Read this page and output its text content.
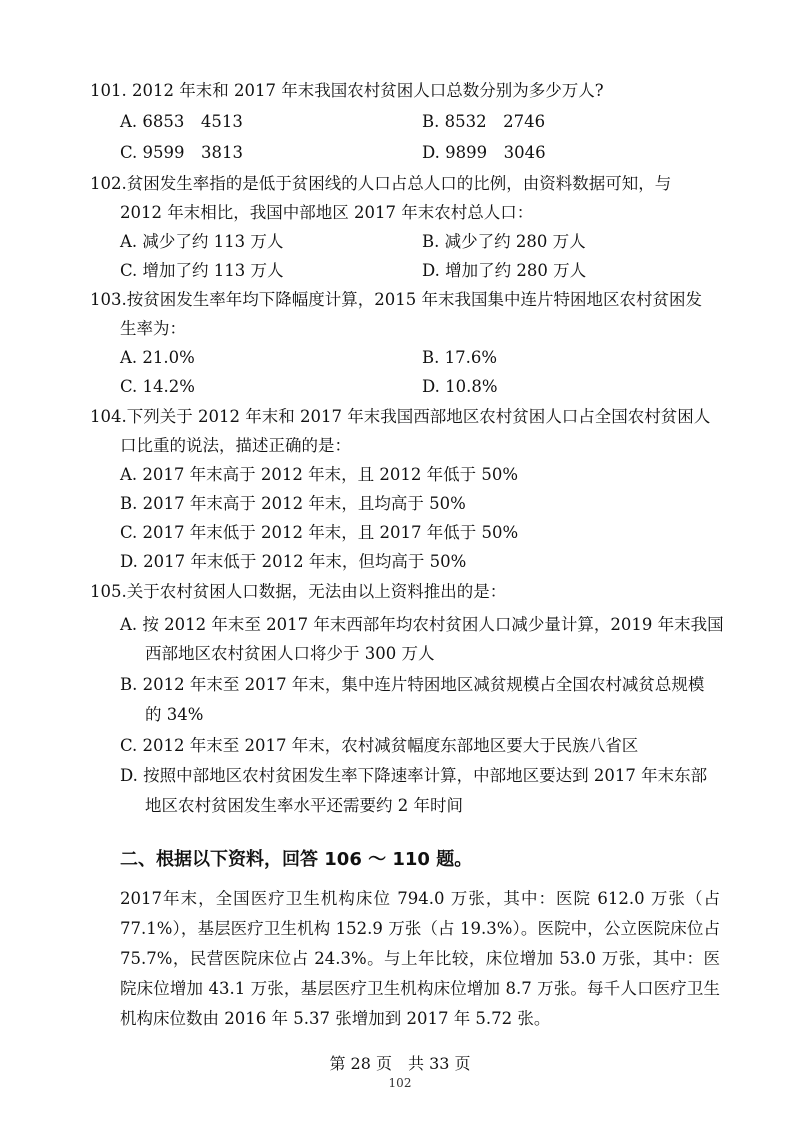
101. 2012 年末和 2017 年末我国农村贫困人口总数分别为多少万人?
A. 6853　4513	B. 8532　2746
C. 9599　3813	D. 9899　3046
102.贫困发生率指的是低于贫困线的人口占总人口的比例，由资料数据可知，与
2012 年末相比，我国中部地区 2017 年末农村总人口：
A. 减少了约 113 万人	B. 减少了约 280 万人
C. 增加了约 113 万人	D. 增加了约 280 万人
103.按贫困发生率年均下降幅度计算，2015 年末我国集中连片特困地区农村贫困发
生率为：
A. 21.0%	B. 17.6%
C. 14.2%	D. 10.8%
104.下列关于 2012 年末和 2017 年末我国西部地区农村贫困人口占全国农村贫困人
口比重的说法，描述正确的是：
A. 2017 年末高于 2012 年末，且 2012 年低于 50%
B. 2017 年末高于 2012 年末，且均高于 50%
C. 2017 年末低于 2012 年末，且 2017 年低于 50%
D. 2017 年末低于 2012 年末，但均高于 50%
105.关于农村贫困人口数据，无法由以上资料推出的是：
A. 按 2012 年末至 2017 年末西部年均农村贫困人口减少量计算，2019 年末我国
西部地区农村贫困人口将少于 300 万人
B. 2012 年末至 2017 年末，集中连片特困地区减贫规模占全国农村减贫总规模
的 34%
C. 2012 年末至 2017 年末，农村减贫幅度东部地区要大于民族八省区
D. 按照中部地区农村贫困发生率下降速率计算，中部地区要达到 2017 年末东部
地区农村贫困发生率水平还需要约 2 年时间
二、根据以下资料，回答 106 ～ 110 题。
2017年末，全国医疗卫生机构床位 794.0 万张，其中：医院 612.0 万张（占 77.1%），基层医疗卫生机构 152.9 万张（占 19.3%）。医院中，公立医院床位占 75.7%，民营医院床位占 24.3%。与上年比较，床位增加 53.0 万张，其中：医院床位增加 43.1 万张，基层医疗卫生机构床位增加 8.7 万张。每千人口医疗卫生机构床位数由 2016 年 5.37 张增加到 2017 年 5.72 张。
第 28 页　共 33 页
102
